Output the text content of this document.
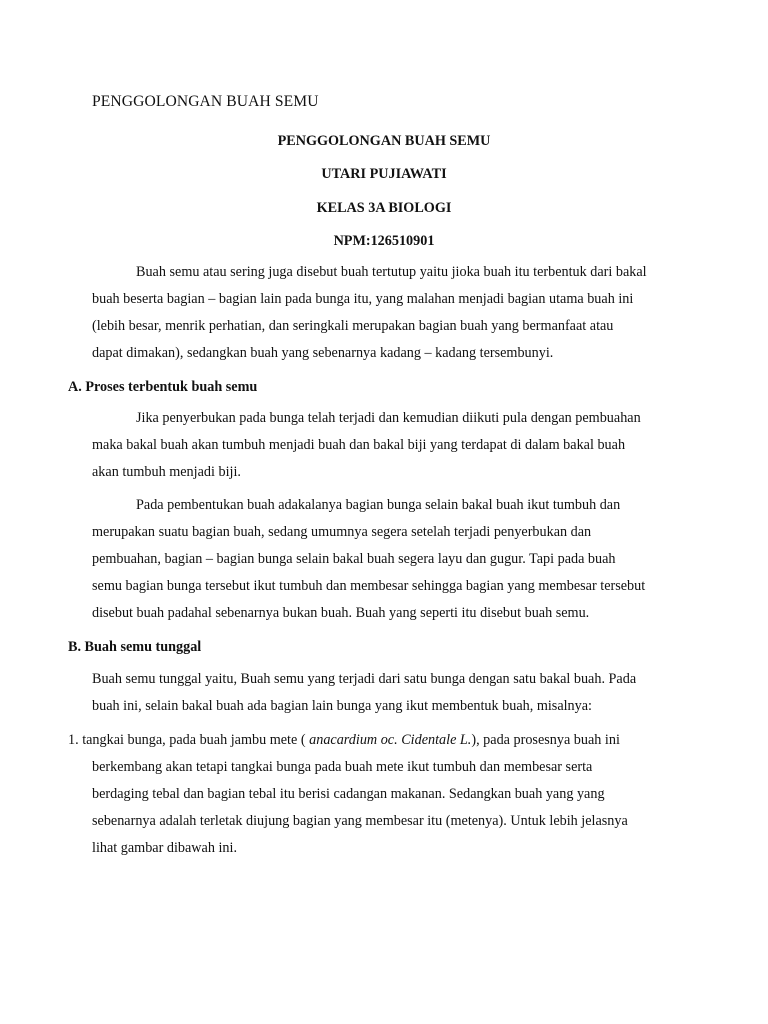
PENGGOLONGAN BUAH SEMU
PENGGOLONGAN BUAH SEMU
UTARI PUJIAWATI
KELAS 3A BIOLOGI
NPM:126510901
Buah semu atau sering juga disebut buah tertutup yaitu jioka buah itu terbentuk dari bakal
buah beserta bagian – bagian lain pada bunga itu, yang malahan menjadi bagian utama buah ini
(lebih besar, menrik perhatian, dan seringkali merupakan bagian buah yang bermanfaat atau
dapat dimakan), sedangkan buah yang sebenarnya kadang – kadang tersembunyi.
A. Proses terbentuk buah semu
Jika penyerbukan pada bunga telah terjadi dan kemudian diikuti pula dengan pembuahan
maka bakal buah akan tumbuh menjadi buah dan bakal biji yang terdapat di dalam bakal buah
akan tumbuh menjadi biji.
Pada pembentukan buah adakalanya bagian bunga selain bakal buah ikut tumbuh dan
merupakan suatu bagian buah, sedang umumnya segera setelah terjadi penyerbukan dan
pembuahan, bagian – bagian bunga selain bakal buah segera layu dan gugur. Tapi pada buah
semu bagian bunga tersebut ikut tumbuh dan membesar sehingga bagian yang membesar tersebut
disebut buah padahal sebenarnya bukan buah. Buah yang seperti itu disebut buah semu.
B. Buah semu tunggal
Buah semu tunggal yaitu, Buah semu yang terjadi dari satu bunga dengan satu bakal buah. Pada
buah ini, selain bakal buah ada bagian lain bunga yang ikut membentuk buah, misalnya:
1. tangkai bunga, pada buah jambu mete ( anacardium oc. Cidentale L.), pada prosesnya buah ini
berkembang akan tetapi tangkai bunga pada buah mete ikut tumbuh dan membesar serta
berdaging tebal dan bagian tebal itu berisi cadangan makanan. Sedangkan buah yang yang
sebenarnya adalah terletak diujung bagian yang membesar itu (metenya). Untuk lebih jelasnya
lihat gambar dibawah ini.
